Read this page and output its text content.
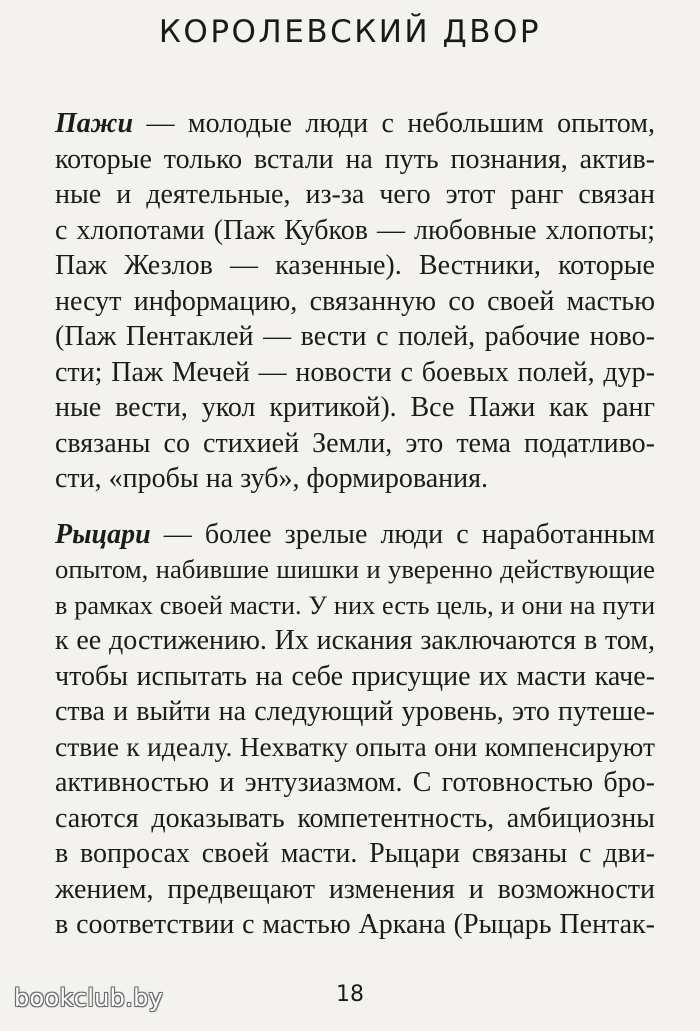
КОРОЛЕВСКИЙ ДВОР

Пажи — молодые люди с небольшим опытом,
которые только встали на путь познания, актив-
ные и деятельные, из-за чего этот ранг связан
с хлопотами (Паж Кубков — любовные хлопоты;
Паж Жезлов — казенные). Вестники, которые
несут информацию, связанную со своей мастью
(Паж Пентаклей — вести с полей, рабочие ново-
сти; Паж Мечей — новости с боевых полей, дур-
ные вести, укол критикой). Все Пажи как ранг
связаны со стихией Земли, это тема податливо-
сти, «пробы на зуб», формирования.

Рыцари — более зрелые люди с наработанным
опытом, набившие шишки и уверенно действующие
в рамках своей масти. У них есть цель, и они на пути
к ее достижению. Их искания заключаются в том,
чтобы испытать на себе присущие их масти каче-
ства и выйти на следующий уровень, это путеше-
ствие к идеалу. Нехватку опыта они компенсируют
активностью и энтузиазмом. С готовностью бро-
саются доказывать компетентность, амбициозны
в вопросах своей масти. Рыцари связаны с дви-
жением, предвещают изменения и возможности
в соответствии с мастью Аркана (Рыцарь Пентак-

bookclub.by	18
